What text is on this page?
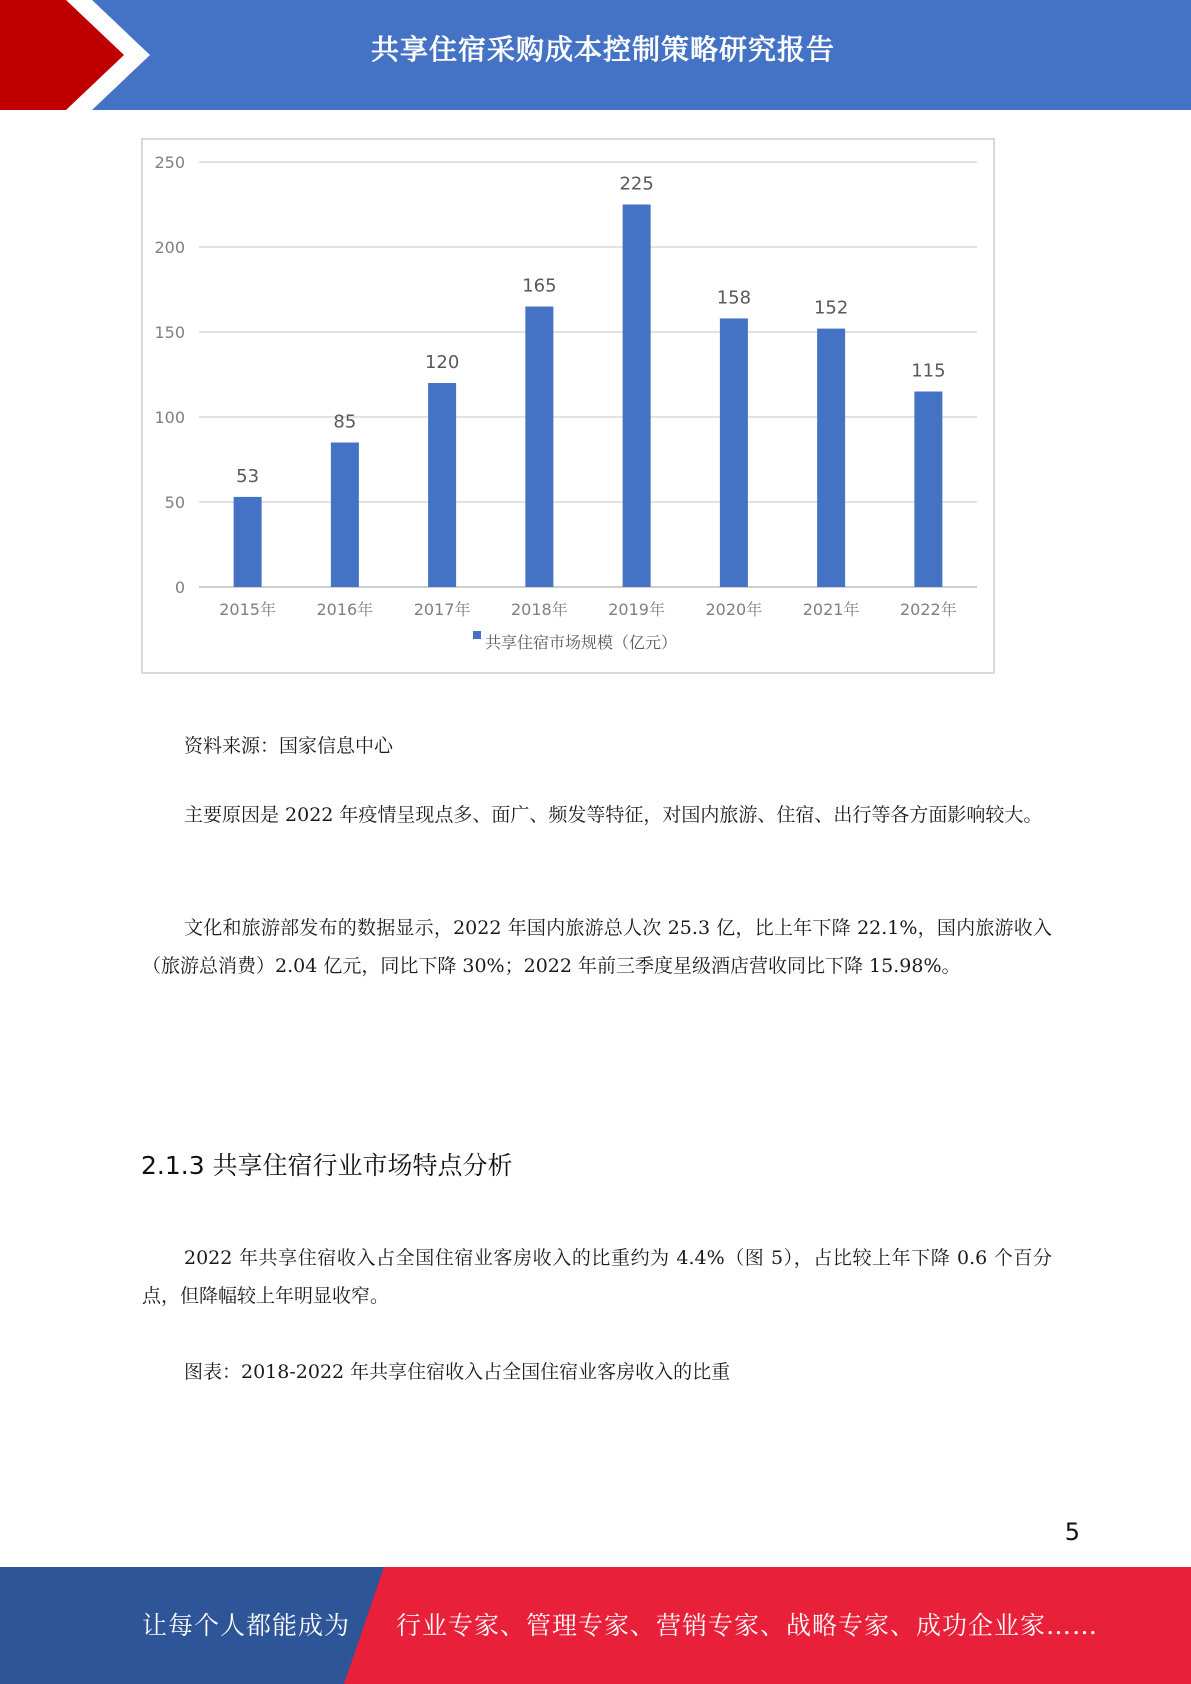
共享住宿采购成本控制策略研究报告
0
50
100
150
200
250
53
2015年
85
2016年
120
2017年
165
2018年
225
2019年
158
2020年
152
2021年
115
2022年
共享住宿市场规模（亿元）

资料来源：国家信息中心

主要原因是 2022 年疫情呈现点多、面广、频发等特征，对国内旅游、住宿、出行等各方面影响较大。

文化和旅游部发布的数据显示，2022 年国内旅游总人次 25.3 亿，比上年下降 22.1%，国内旅游收入（旅游总消费）2.04 亿元，同比下降 30%；2022 年前三季度星级酒店营收同比下降 15.98%。

2.1.3 共享住宿行业市场特点分析

2022 年共享住宿收入占全国住宿业客房收入的比重约为 4.4%（图 5），占比较上年下降 0.6 个百分点，但降幅较上年明显收窄。

图表：2018-2022 年共享住宿收入占全国住宿业客房收入的比重

5
让每个人都能成为 行业专家、管理专家、营销专家、战略专家、成功企业家……
